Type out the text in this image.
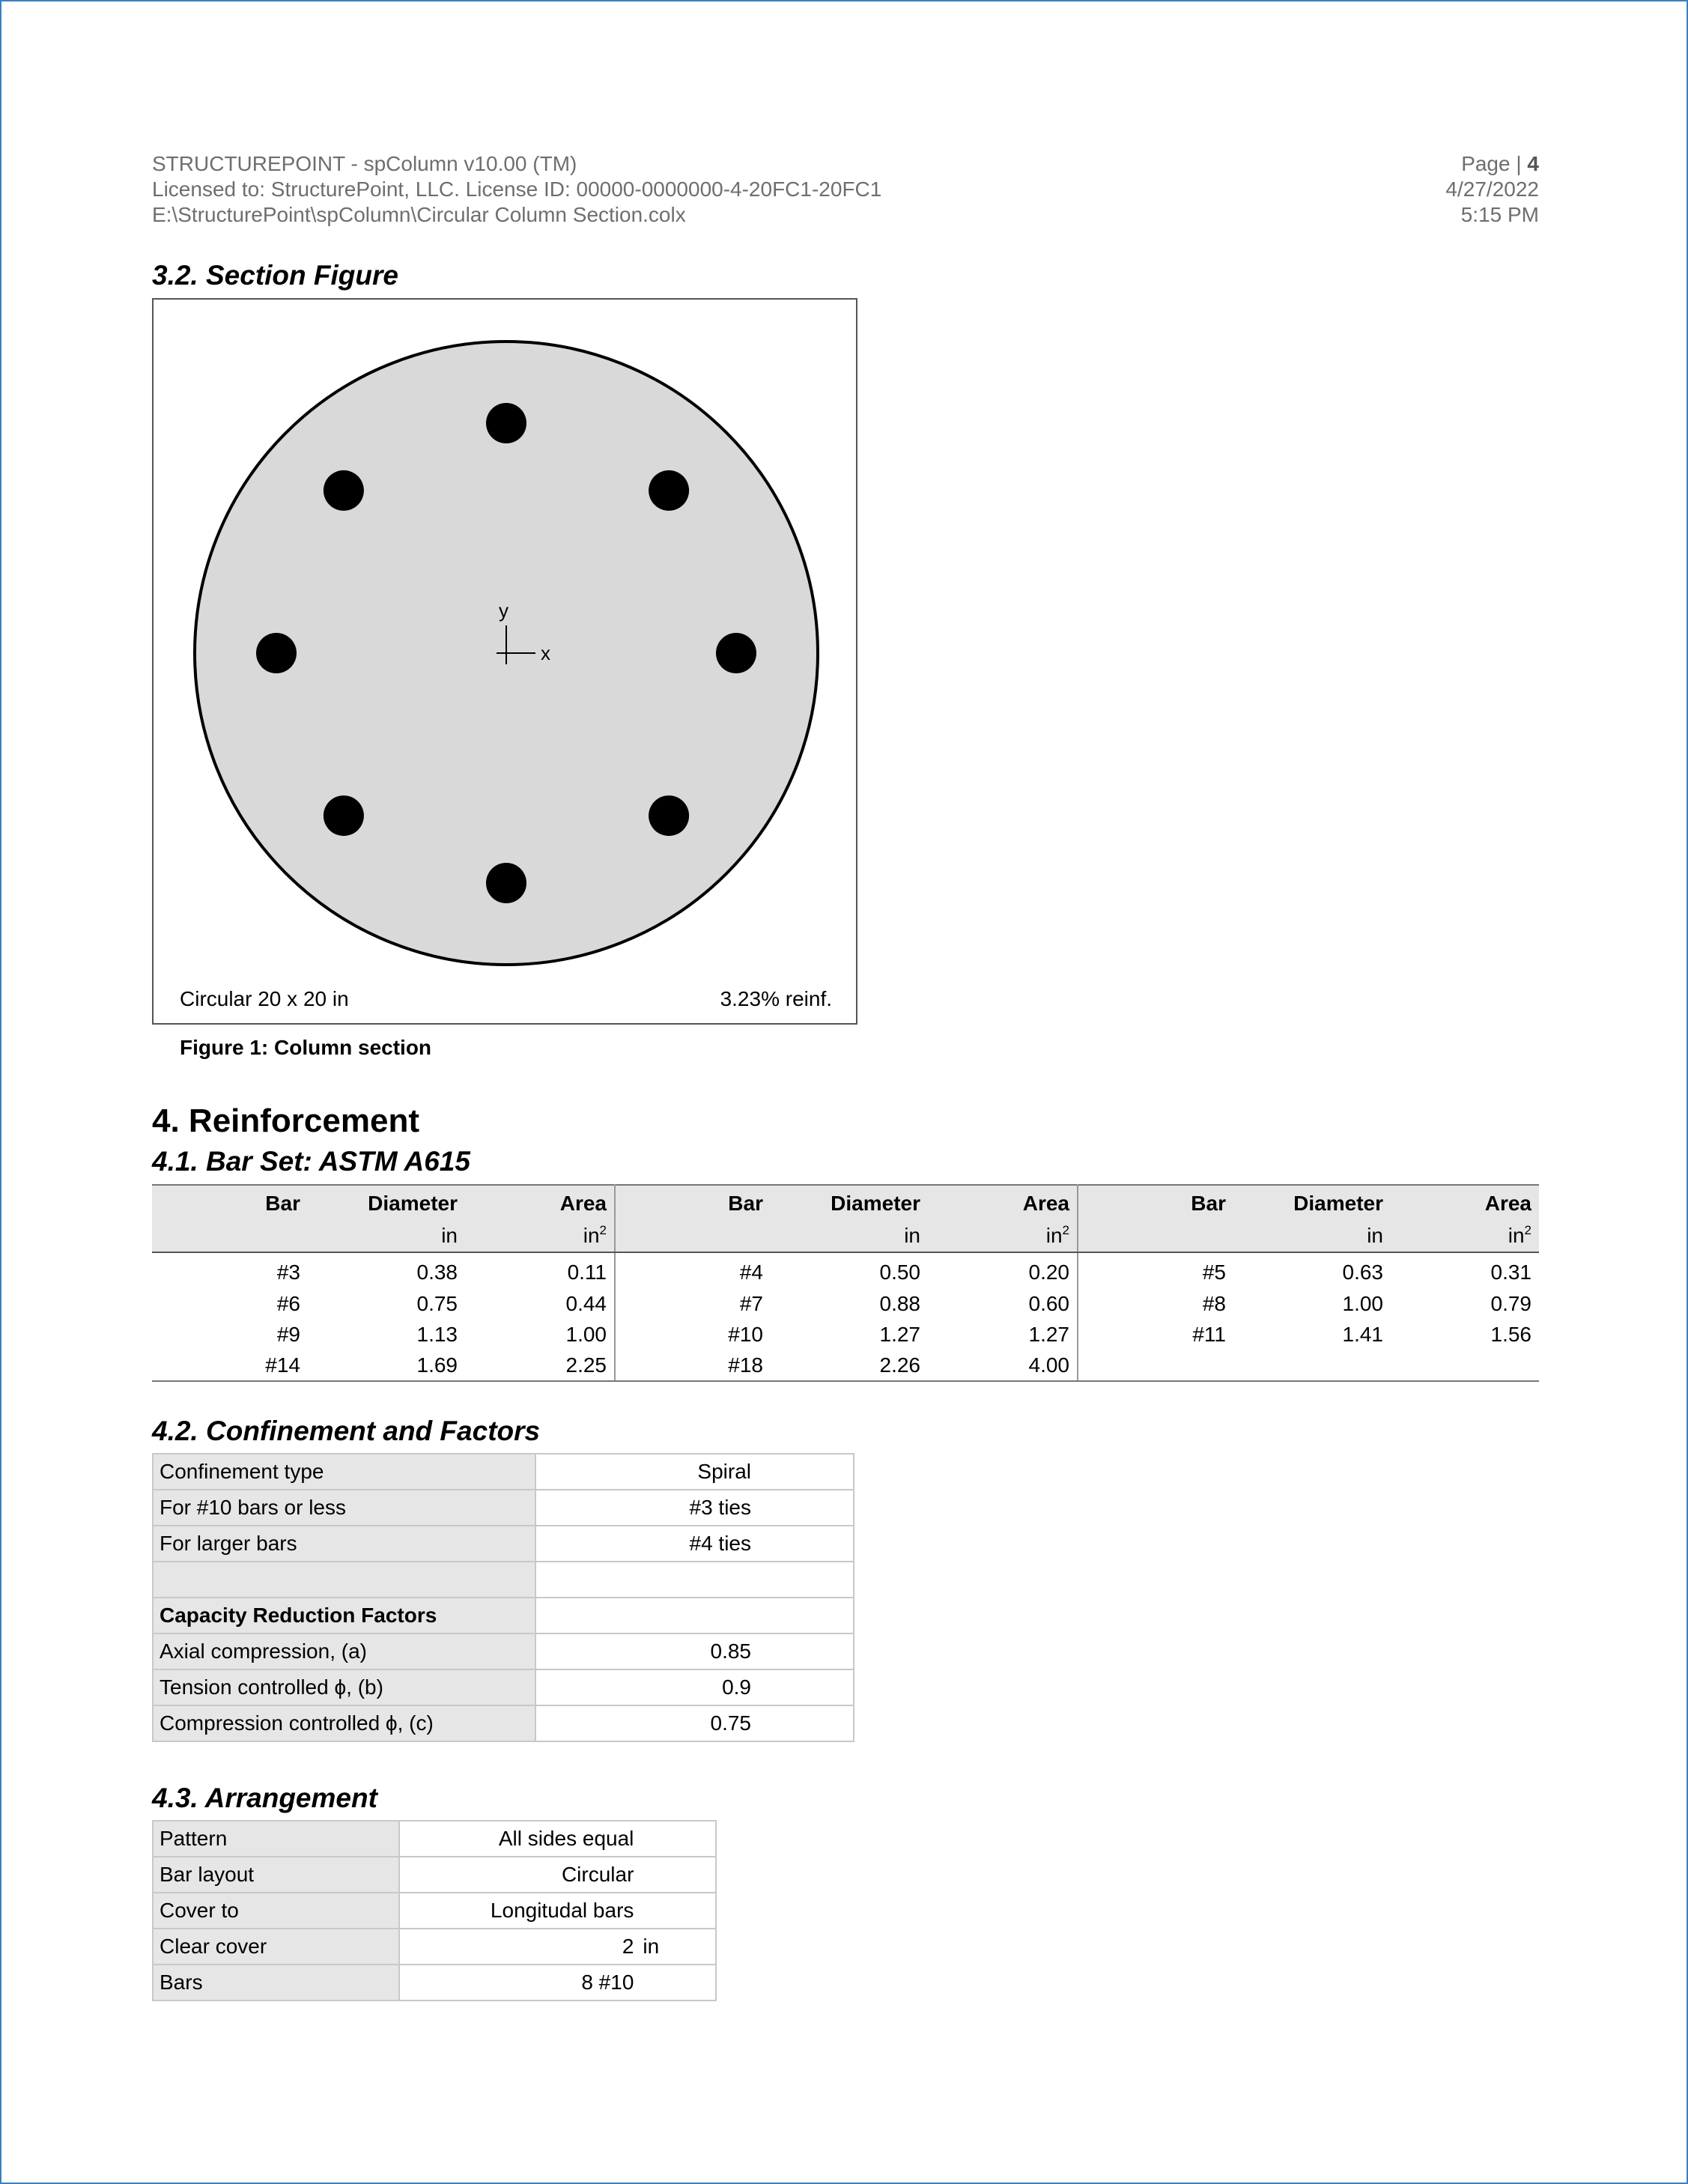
STRUCTUREPOINT - spColumn v10.00 (TM)
Licensed to: StructurePoint, LLC. License ID: 00000-0000000-4-20FC1-20FC1
E:\StructurePoint\spColumn\Circular Column Section.colx
Page | 4
4/27/2022
5:15 PM
3.2. Section Figure
y
x
Circular 20 x 20 in	3.23% reinf.
Figure 1: Column section
4. Reinforcement
4.1. Bar Set: ASTM A615
Bar	Diameter	Area	Bar	Diameter	Area	Bar	Diameter	Area
	in	$in^2$		in	$in^2$		in	$in^2$
#3	0.38	0.11	#4	0.50	0.20	#5	0.63	0.31
#6	0.75	0.44	#7	0.88	0.60	#8	1.00	0.79
#9	1.13	1.00	#10	1.27	1.27	#11	1.41	1.56
#14	1.69	2.25	#18	2.26	4.00			
4.2. Confinement and Factors
Confinement type	Spiral
For #10 bars or less	#3 ties
For larger bars	#4 ties

Capacity Reduction Factors	
Axial compression, (a)	0.85
Tension controlled ϕ, (b)	0.9
Compression controlled ϕ, (c)	0.75
4.3. Arrangement
Pattern	All sides equal	
Bar layout	Circular	
Cover to	Longitudal bars	
Clear cover	2	in
Bars	8 #10	
